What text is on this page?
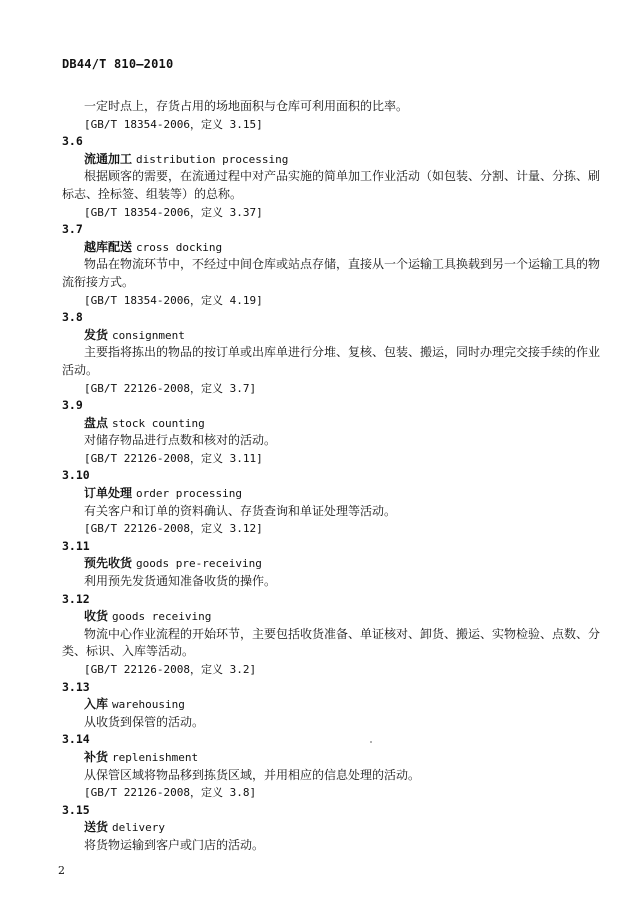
DB44/T 810—2010
一定时点上，存货占用的场地面积与仓库可利用面积的比率。
[GB/T 18354-2006，定义 3.15]
3.6
流通加工 distribution processing
根据顾客的需要，在流通过程中对产品实施的简单加工作业活动（如包装、分割、计量、分拣、刷
标志、拴标签、组装等）的总称。
[GB/T 18354-2006，定义 3.37]
3.7
越库配送 cross docking
物品在物流环节中，不经过中间仓库或站点存储，直接从一个运输工具换载到另一个运输工具的物
流衔接方式。
[GB/T 18354-2006，定义 4.19]
3.8
发货 consignment
主要指将拣出的物品的按订单或出库单进行分堆、复核、包装、搬运，同时办理完交接手续的作业
活动。
[GB/T 22126-2008，定义 3.7]
3.9
盘点 stock counting
对储存物品进行点数和核对的活动。
[GB/T 22126-2008，定义 3.11]
3.10
订单处理 order processing
有关客户和订单的资料确认、存货查询和单证处理等活动。
[GB/T 22126-2008，定义 3.12]
3.11
预先收货 goods pre-receiving
利用预先发货通知准备收货的操作。
3.12
收货 goods receiving
物流中心作业流程的开始环节，主要包括收货准备、单证核对、卸货、搬运、实物检验、点数、分
类、标识、入库等活动。
[GB/T 22126-2008，定义 3.2]
3.13
入库 warehousing
从收货到保管的活动。
3.14
补货 replenishment
从保管区域将物品移到拣货区域，并用相应的信息处理的活动。
[GB/T 22126-2008，定义 3.8]
3.15
送货 delivery
将货物运输到客户或门店的活动。
2
